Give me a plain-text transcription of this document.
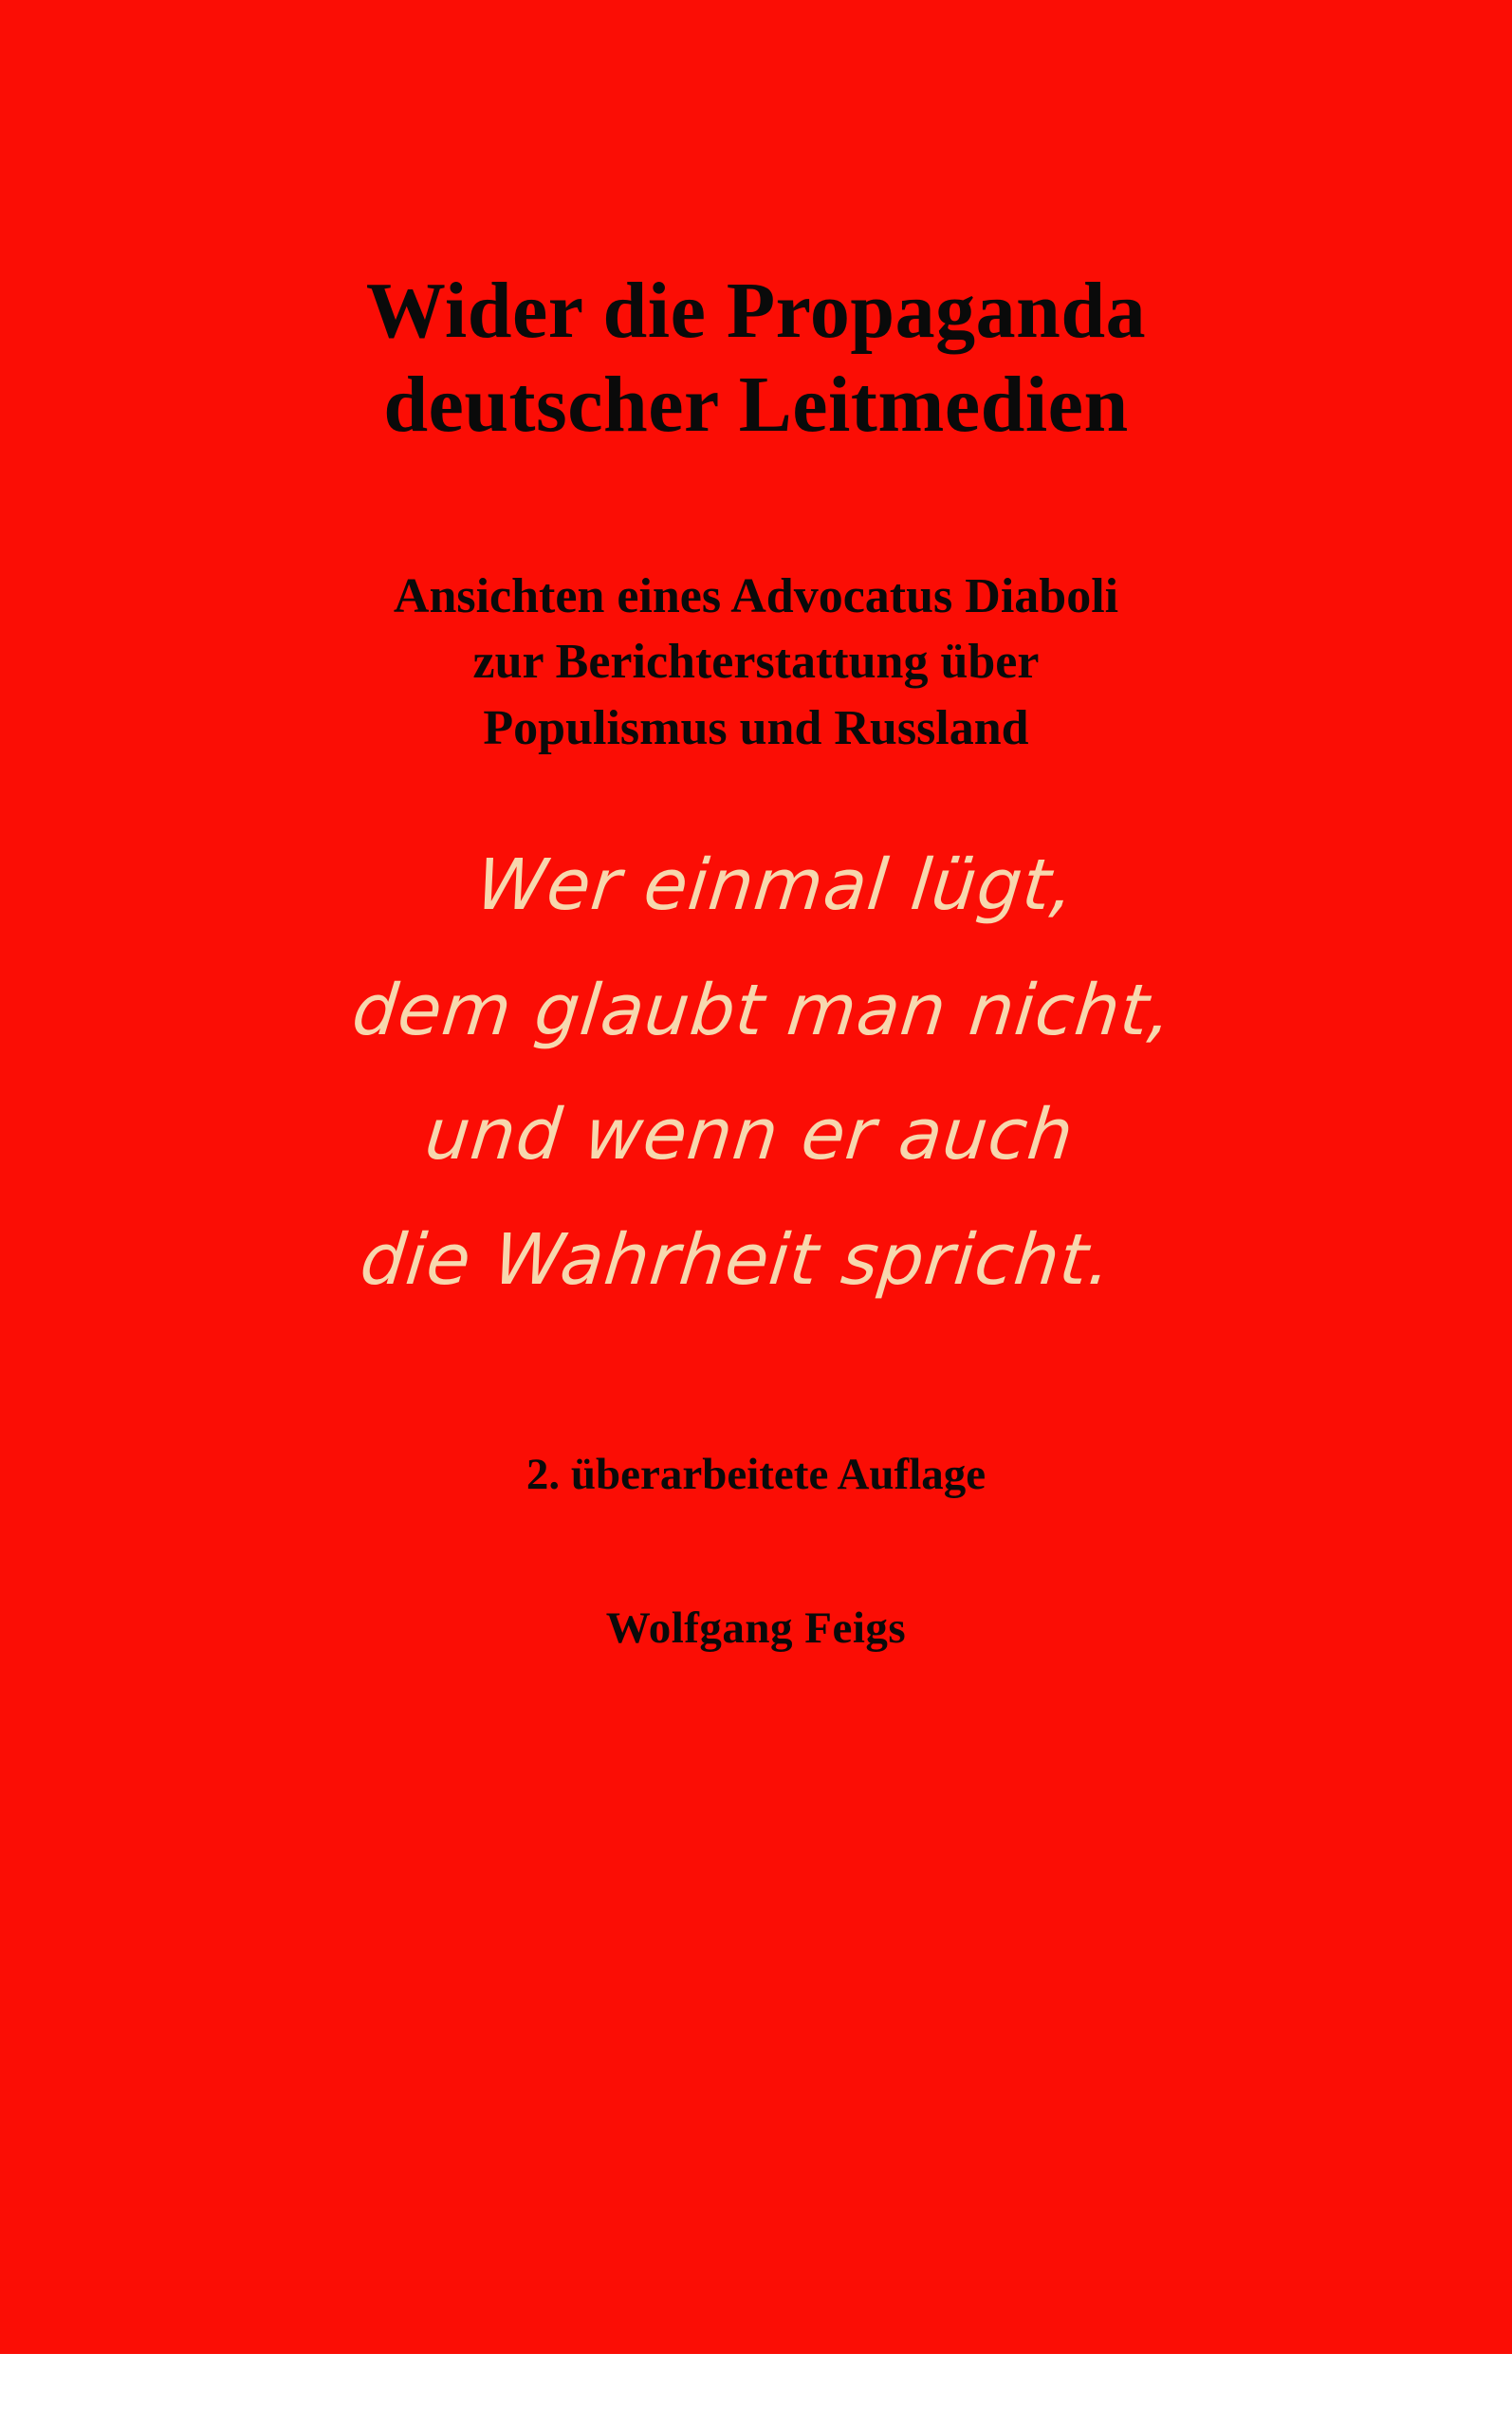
Wider die Propaganda
deutscher Leitmedien
Ansichten eines Advocatus Diaboli
zur Berichterstattung über
Populismus und Russland
Wer einmal lügt,
dem glaubt man nicht,
und wenn er auch
die Wahrheit spricht.
2. überarbeitete Auflage
Wolfgang Feigs
